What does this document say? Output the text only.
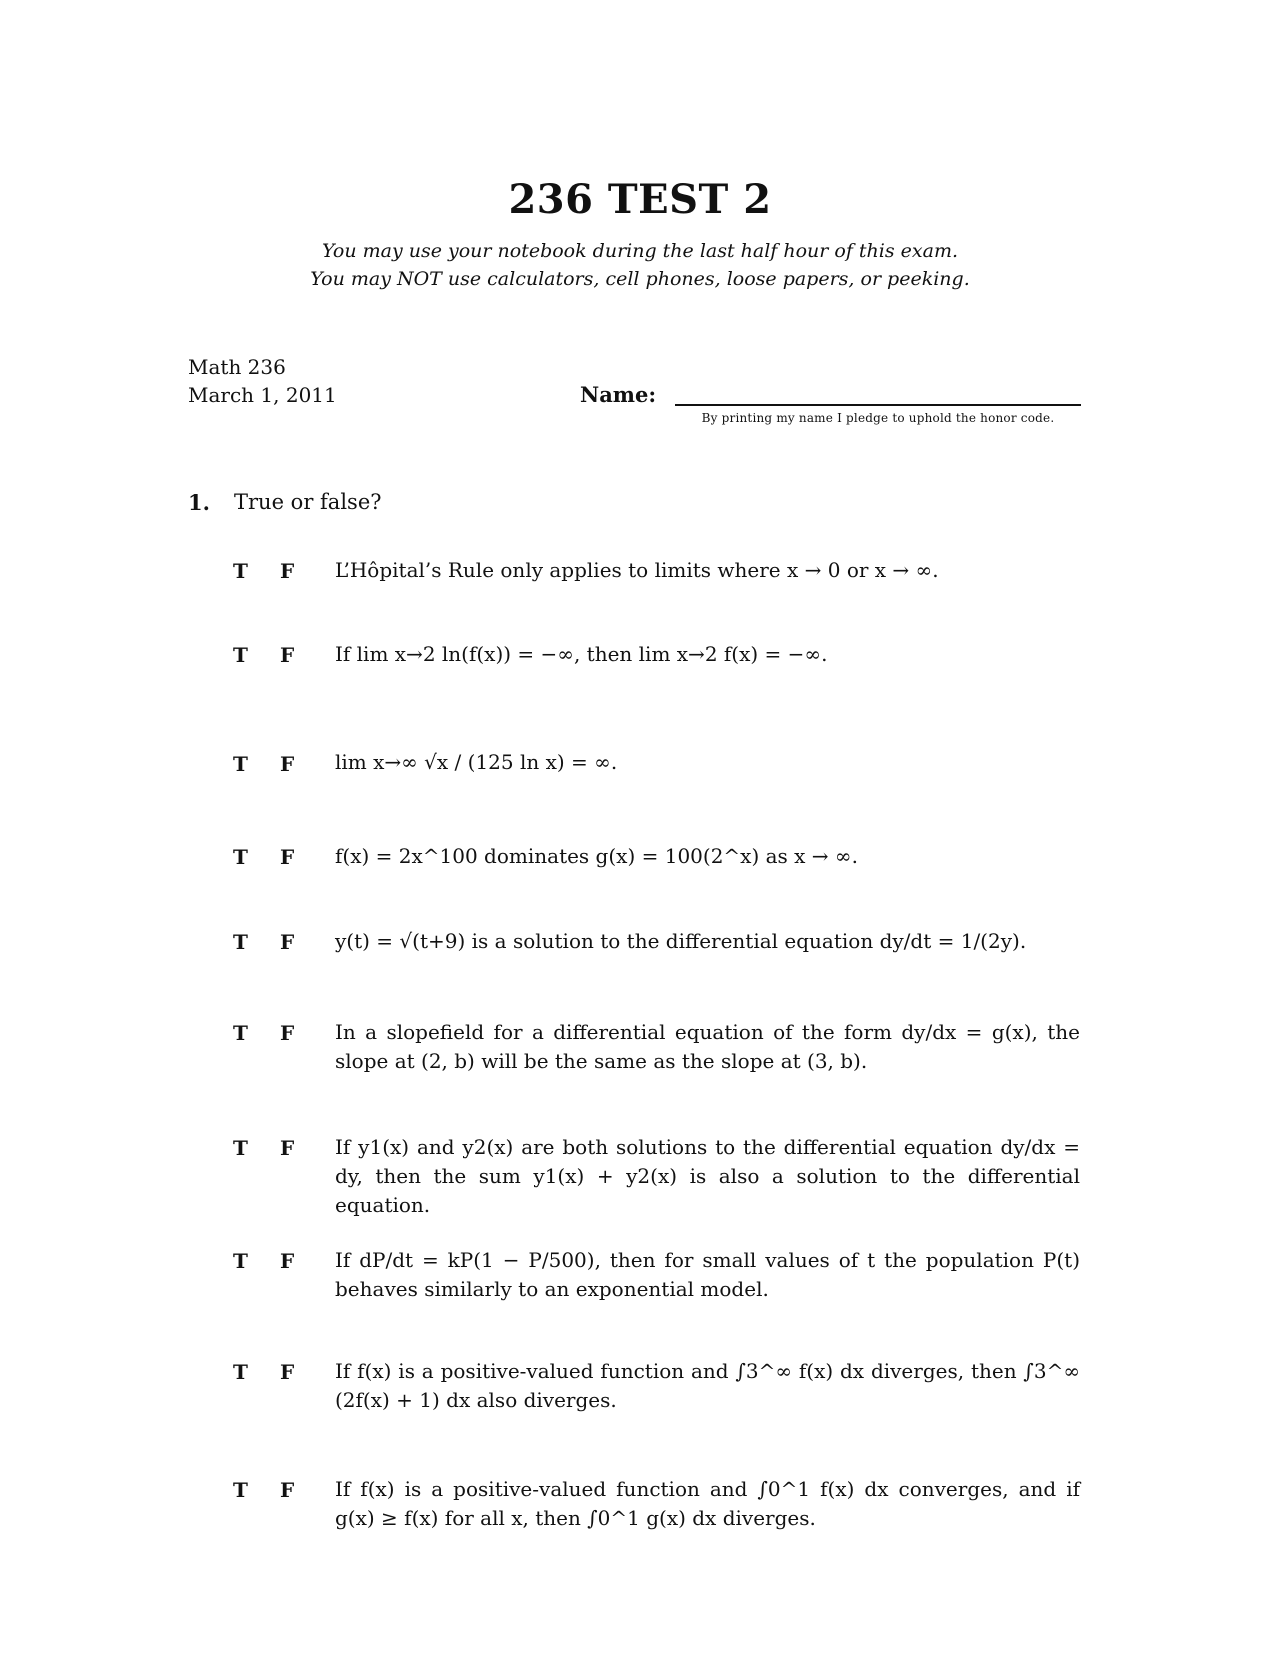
236 TEST 2
You may use your notebook during the last half hour of this exam.
You may NOT use calculators, cell phones, loose papers, or peeking.
Math 236
March 1, 2011	Name:
By printing my name I pledge to uphold the honor code.
1. True or false?
T F L’Hôpital’s Rule only applies to limits where x → 0 or x → ∞.
T F If lim x→2 ln(f(x)) = −∞, then lim x→2 f(x) = −∞.
T F lim x→∞ √x / (125 ln x) = ∞.
T F f(x) = 2x^100 dominates g(x) = 100(2^x) as x → ∞.
T F y(t) = √(t+9) is a solution to the differential equation dy/dt = 1/(2y).
T F In a slopefield for a differential equation of the form dy/dx = g(x), the slope at (2, b) will be the same as the slope at (3, b).
T F If y1(x) and y2(x) are both solutions to the differential equation dy/dx = dy, then the sum y1(x) + y2(x) is also a solution to the differential equation.
T F If dP/dt = kP(1 − P/500), then for small values of t the population P(t) behaves similarly to an exponential model.
T F If f(x) is a positive-valued function and ∫3^∞ f(x) dx diverges, then ∫3^∞ (2f(x) + 1) dx also diverges.
T F If f(x) is a positive-valued function and ∫0^1 f(x) dx converges, and if g(x) ≥ f(x) for all x, then ∫0^1 g(x) dx diverges.
